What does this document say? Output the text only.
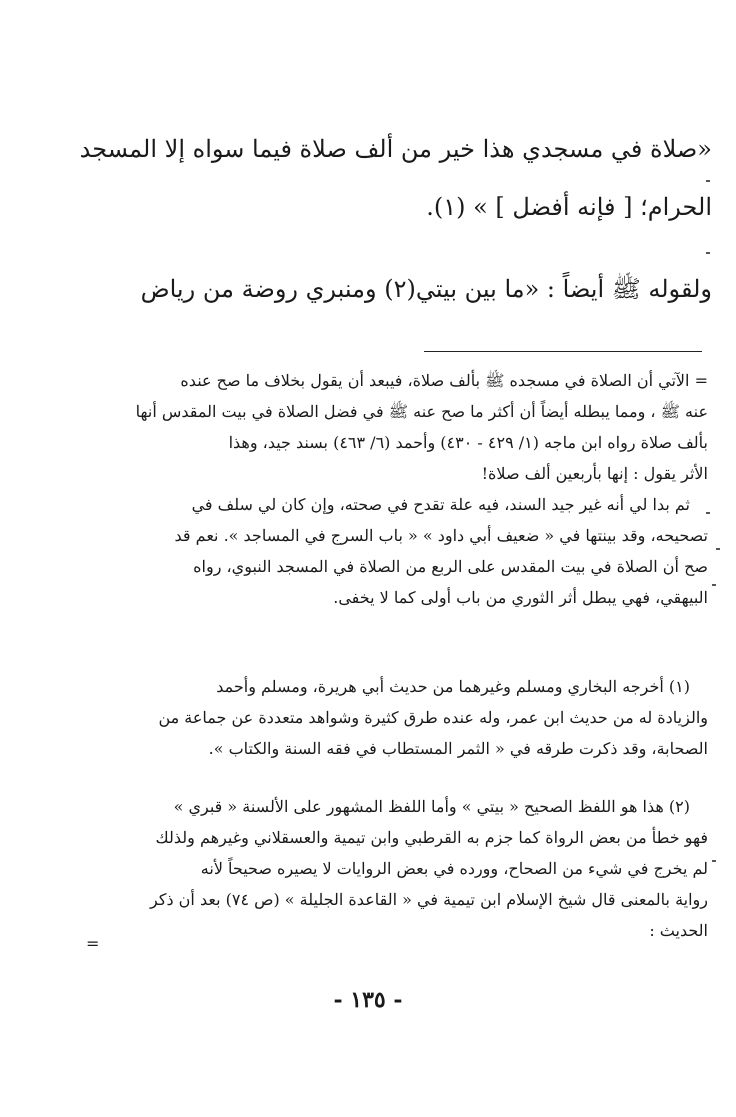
«صلاة في مسجدي هذا خير من ألف صلاة فيما سواه إلا المسجد
الحرام؛ [ فإنه أفضل ] » (١).
ولقوله ﷺ أيضاً : «ما بين بيتي(٢) ومنبري روضة من رياض
= الآتي أن الصلاة في مسجده ﷺ بألف صلاة، فيبعد أن يقول بخلاف ما صح عنده
عنه ﷺ ، ومما يبطله أيضاً أن أكثر ما صح عنه ﷺ في فضل الصلاة في بيت المقدس أنها
بألف صلاة رواه ابن ماجه (١/ ٤٢٩ - ٤٣٠) وأحمد (٦/ ٤٦٣) بسند جيد، وهذا
الأثر يقول : إنها بأربعين ألف صلاة!
ثم بدا لي أنه غير جيد السند، فيه علة تقدح في صحته، وإن كان لي سلف في
تصحيحه، وقد بينتها في « ضعيف أبي داود » « باب السرج في المساجد ». نعم قد
صح أن الصلاة في بيت المقدس على الربع من الصلاة في المسجد النبوي، رواه
البيهقي، فهي يبطل أثر الثوري من باب أولى كما لا يخفى.
(١) أخرجه البخاري ومسلم وغيرهما من حديث أبي هريرة، ومسلم وأحمد
والزيادة له من حديث ابن عمر، وله عنده طرق كثيرة وشواهد متعددة عن جماعة من
الصحابة، وقد ذكرت طرقه في « الثمر المستطاب في فقه السنة والكتاب ».
(٢) هذا هو اللفظ الصحيح « بيتي » وأما اللفظ المشهور على الألسنة « قبري »
فهو خطأ من بعض الرواة كما جزم به القرطبي وابن تيمية والعسقلاني وغيرهم ولذلك
لم يخرج في شيء من الصحاح، وورده في بعض الروايات لا يصيره صحيحاً لأنه
رواية بالمعنى قال شيخ الإسلام ابن تيمية في « القاعدة الجليلة » (ص ٧٤) بعد أن ذكر
الحديث :
=
- ١٣٥ -
